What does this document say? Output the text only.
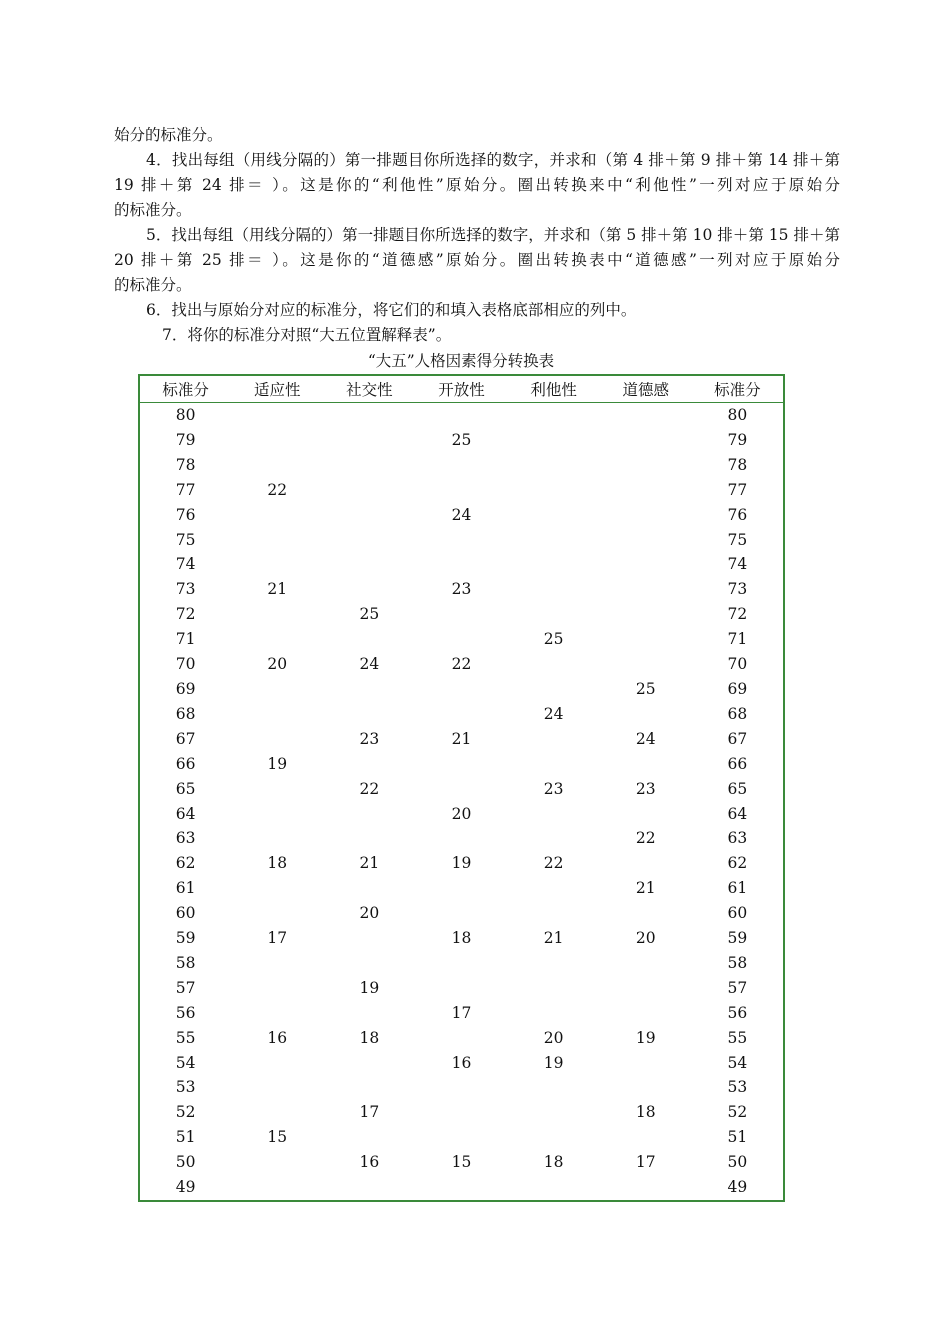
始分的标准分。
4．找出每组（用线分隔的）第一排题目你所选择的数字，并求和（第 4 排＋第 9 排＋第 14 排＋第
19 排＋第 24 排＝ ）。这是你的“利他性”原始分。圈出转换来中“利他性”一列对应于原始分
的标准分。
5．找出每组（用线分隔的）第一排题目你所选择的数字，并求和（第 5 排＋第 10 排＋第 15 排＋第
20 排＋第 25 排＝ ）。这是你的“道德感”原始分。圈出转换表中“道德感”一列对应于原始分
的标准分。
6．找出与原始分对应的标准分，将它们的和填入表格底部相应的列中。
7．将你的标准分对照“大五位置解释表”。
“大五”人格因素得分转换表
标准分	适应性	社交性	开放性	利他性	道德感	标准分
80						80
79			25			79
78						78
77	22					77
76			24			76
75						75
74						74
73	21		23			73
72		25				72
71				25		71
70	20	24	22			70
69					25	69
68				24		68
67		23	21		24	67
66	19					66
65		22		23	23	65
64			20			64
63					22	63
62	18	21	19	22		62
61					21	61
60		20				60
59	17		18	21	20	59
58						58
57		19				57
56			17			56
55	16	18		20	19	55
54			16	19		54
53						53
52		17			18	52
51	15					51
50		16	15	18	17	50
49						49
